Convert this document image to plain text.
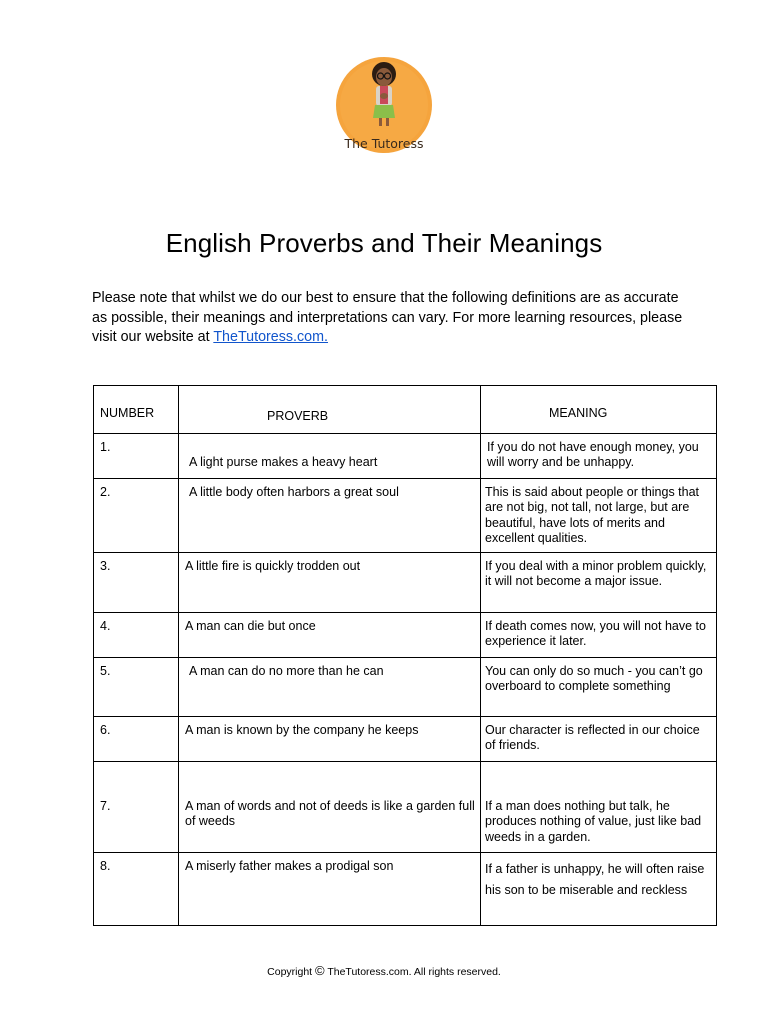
The Tutoress
English Proverbs and Their Meanings

Please note that whilst we do our best to ensure that the following definitions are as accurate as possible, their meanings and interpretations can vary. For more learning resources, please visit our website at TheTutoress.com.

NUMBER	PROVERB	MEANING
1.	A light purse makes a heavy heart	If you do not have enough money, you will worry and be unhappy.
2.	A little body often harbors a great soul	This is said about people or things that are not big, not tall, not large, but are beautiful, have lots of merits and excellent qualities.
3.	A little fire is quickly trodden out	If you deal with a minor problem quickly, it will not become a major issue.
4.	A man can die but once	If death comes now, you will not have to experience it later.
5.	A man can do no more than he can	You can only do so much - you can’t go overboard to complete something
6.	A man is known by the company he keeps	Our character is reflected in our choice of friends.
7.	A man of words and not of deeds is like a garden full of weeds	If a man does nothing but talk, he produces nothing of value, just like bad weeds in a garden.
8.	A miserly father makes a prodigal son	If a father is unhappy, he will often raise his son to be miserable and reckless
Copyright © TheTutoress.com. All rights reserved.
